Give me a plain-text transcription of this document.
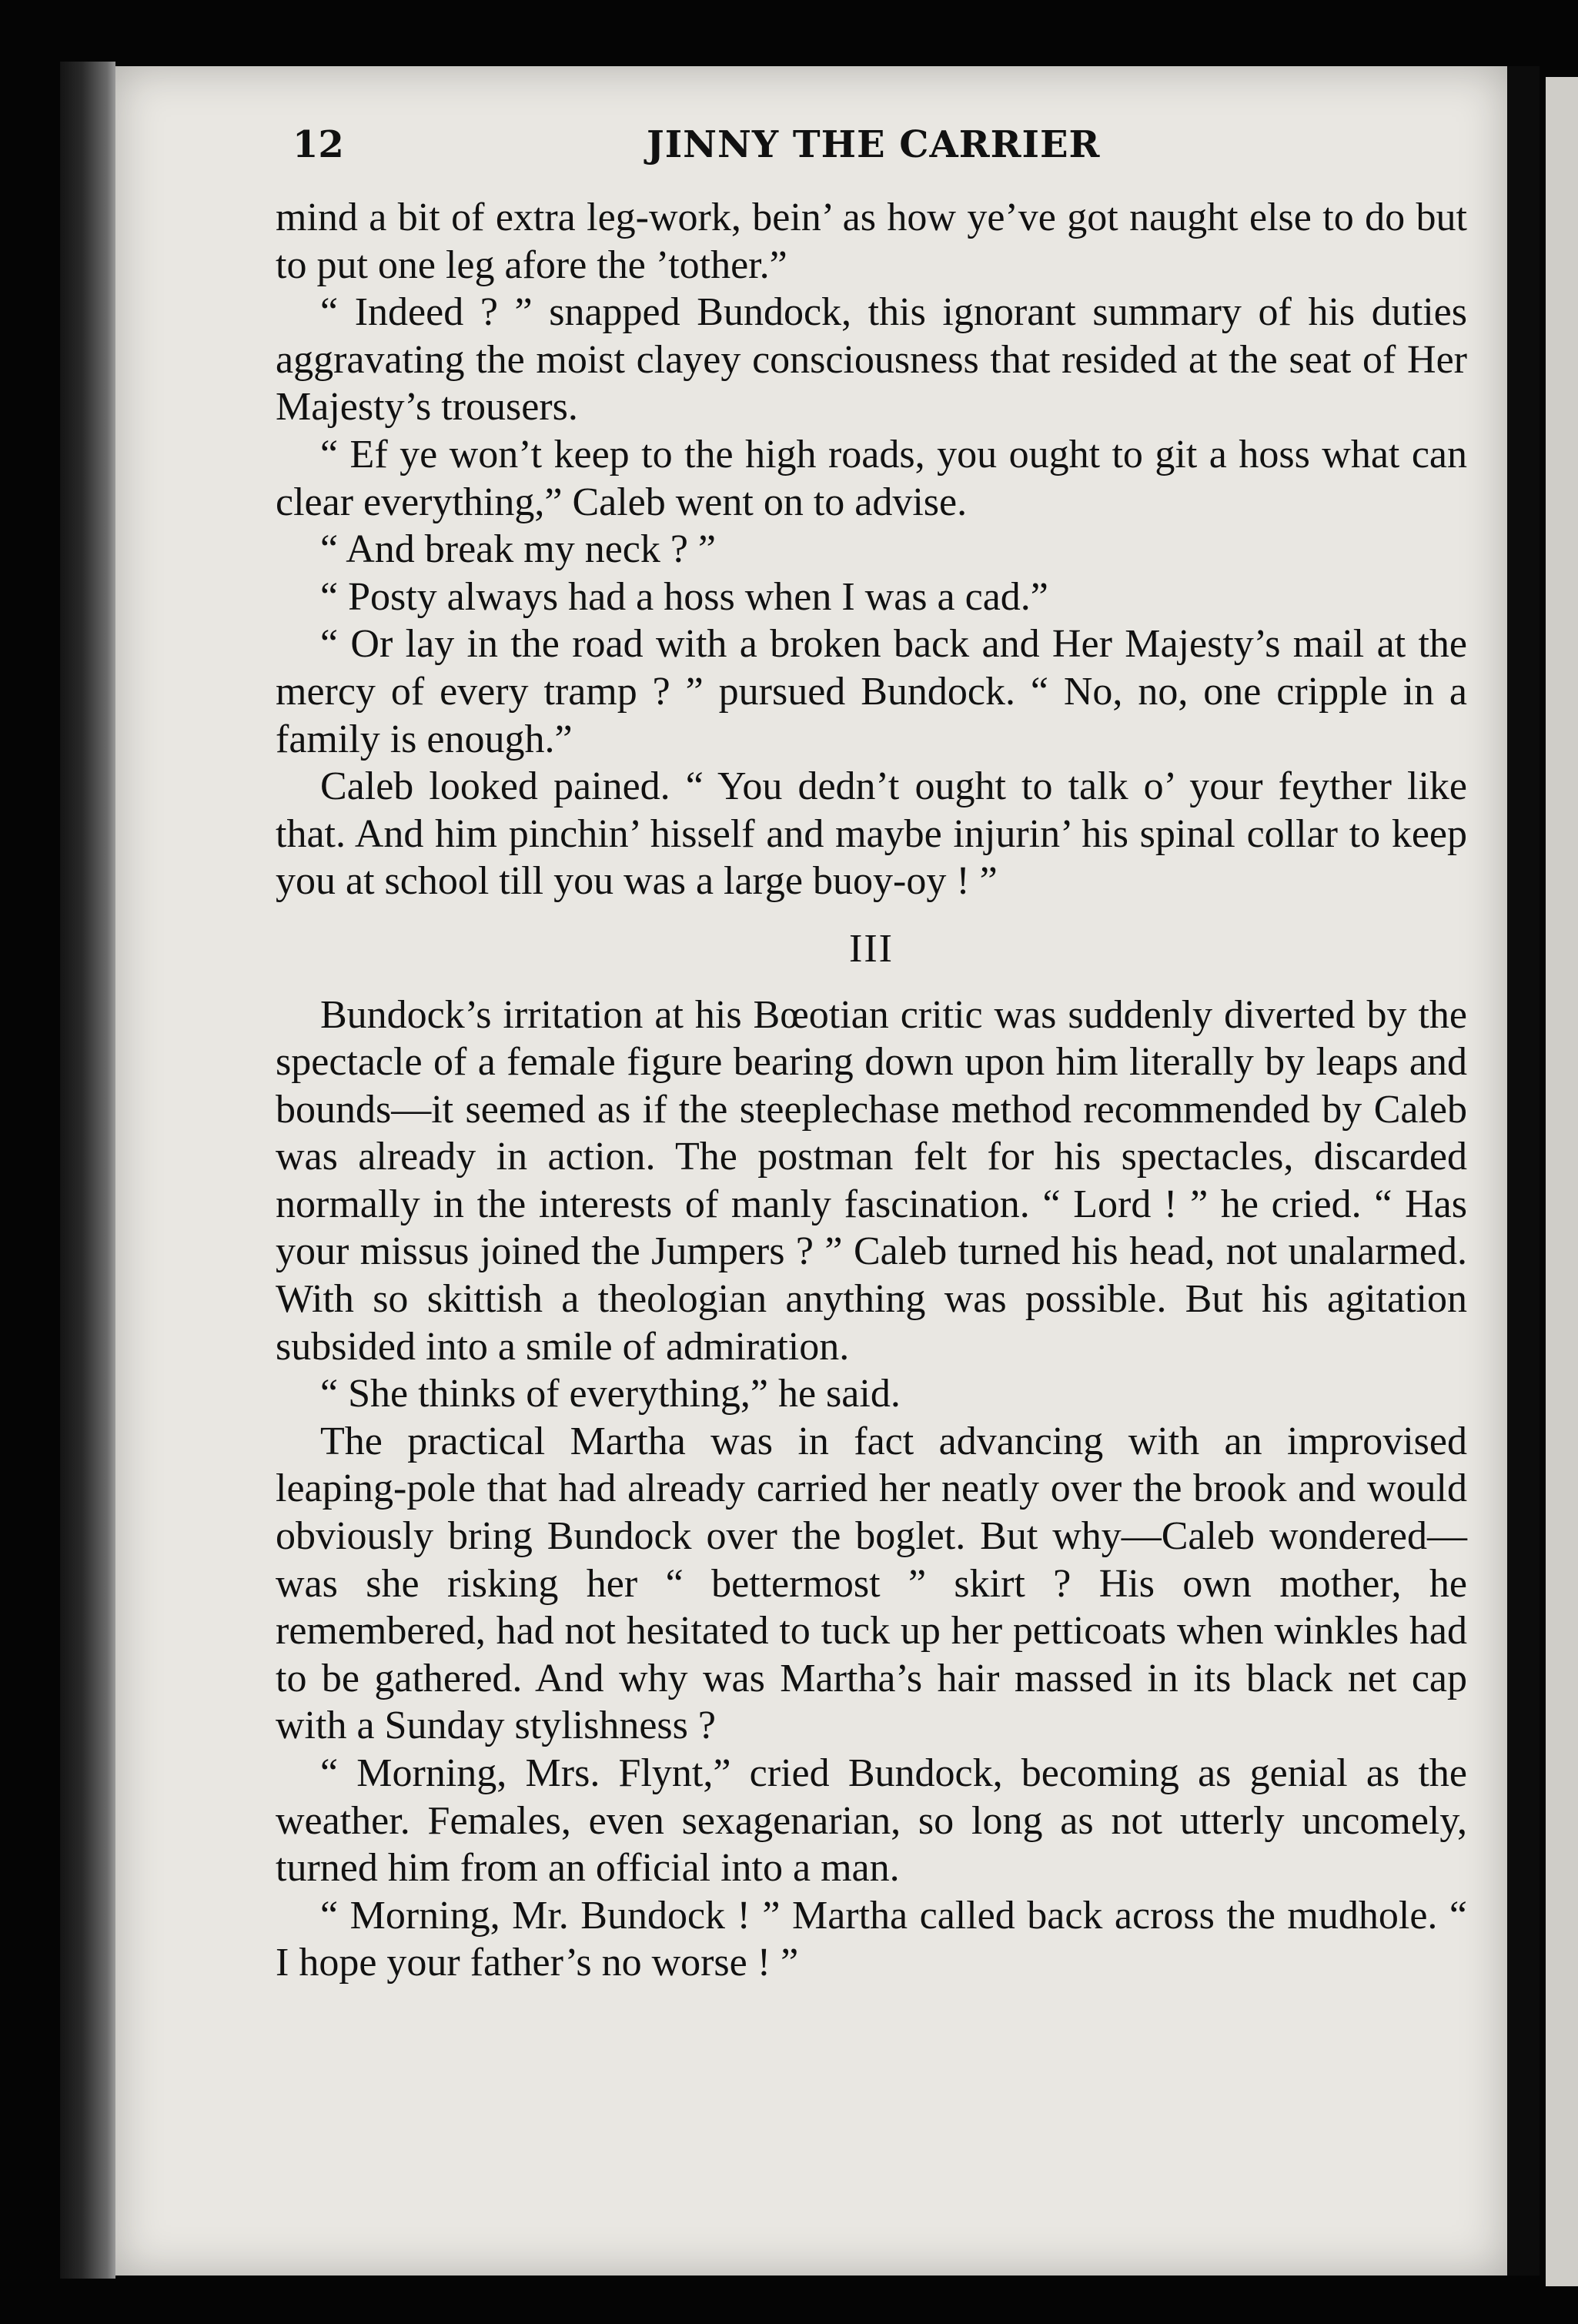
12	JINNY THE CARRIER

mind a bit of extra leg-work, bein’ as how ye’ve got naught else to do but to put one leg afore the ’tother.”

“ Indeed ? ” snapped Bundock, this ignorant summary of his duties aggravating the moist clayey consciousness that resided at the seat of Her Majesty’s trousers.

“ Ef ye won’t keep to the high roads, you ought to git a hoss what can clear everything,” Caleb went on to advise.

“ And break my neck ? ”

“ Posty always had a hoss when I was a cad.”

“ Or lay in the road with a broken back and Her Majesty’s mail at the mercy of every tramp ? ” pursued Bundock. “ No, no, one cripple in a family is enough.”

Caleb looked pained. “ You dedn’t ought to talk o’ your feyther like that. And him pinchin’ hisself and maybe injurin’ his spinal collar to keep you at school till you was a large buoy-oy ! ”

III

Bundock’s irritation at his Bœotian critic was suddenly diverted by the spectacle of a female figure bearing down upon him literally by leaps and bounds—it seemed as if the steeplechase method recommended by Caleb was already in action. The postman felt for his spectacles, discarded normally in the interests of manly fascination. “ Lord ! ” he cried. “ Has your missus joined the Jumpers ? ” Caleb turned his head, not unalarmed. With so skittish a theologian anything was possible. But his agitation subsided into a smile of admiration.

“ She thinks of everything,” he said.

The practical Martha was in fact advancing with an improvised leaping-pole that had already carried her neatly over the brook and would obviously bring Bundock over the boglet. But why—Caleb wondered—was she risking her “ bettermost ” skirt ? His own mother, he remembered, had not hesitated to tuck up her petticoats when winkles had to be gathered. And why was Martha’s hair massed in its black net cap with a Sunday stylishness ?

“ Morning, Mrs. Flynt,” cried Bundock, becoming as genial as the weather. Females, even sexagenarian, so long as not utterly uncomely, turned him from an official into a man.

“ Morning, Mr. Bundock ! ” Martha called back across the mudhole. “ I hope your father’s no worse ! ”
